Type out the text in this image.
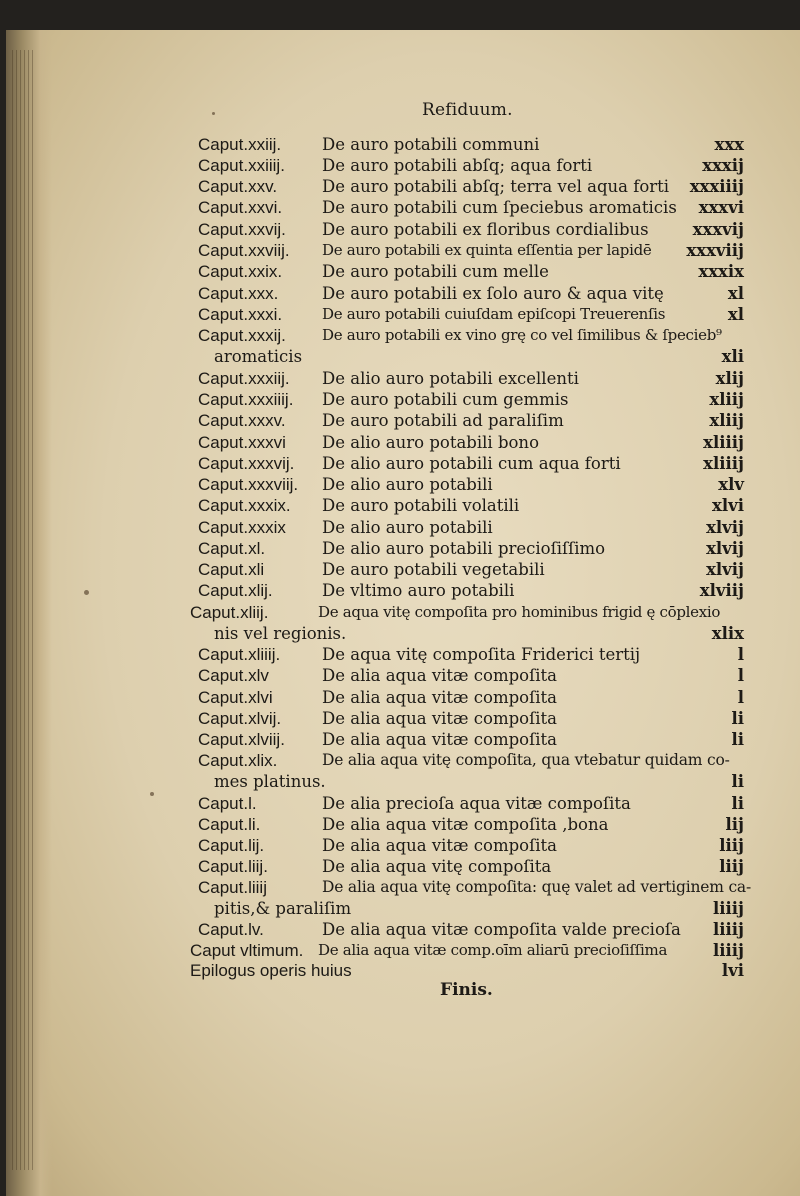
Refiduum.
Caput.xxiij. De auro potabili communi	xxx
Caput.xxiiij. De auro potabili abſq; aqua forti	xxxij
Caput.xxv.	De auro potabili abſq; terra vel aqua forti xxxiiij
Caput.xxvi. De auro potabili cum ſpeciebus aromaticis xxxvi
Caput.xxvij. De auro potabili ex floribus cordialibus	xxxvij
Caput.xxviij. De auro potabili ex quinta eſſentia per lapidē xxxviij
Caput.xxix. De auro potabili cum melle	xxxix
Caput.xxx.	De auro potabili ex ſolo auro & aqua vitę	xl
Caput.xxxi.	De auro potabili cuiuſdam epiſcopi Treuerenſis	xl
Caput.xxxij. De auro potabili ex vino grę co vel ſimilibus & ſpecieb⁹
aromaticis	xli
Caput.xxxiij. De alio auro potabili excellenti	xlij
Caput.xxxiiij. De auro potabili cum gemmis	xliij
Caput.xxxv. De auro potabili ad paraliſim	xliij
Caput.xxxvi De alio auro potabili bono	xliiij
Caput.xxxvij. De alio auro potabili cum aqua forti	xliiij
Caput.xxxviij. De alio auro potabili	xlv
Caput.xxxix. De auro potabili volatili	xlvi
Caput.xxxix De alio auro potabili	xlvij
Caput.xl.	De alio auro potabili precioſiſſimo	xlvij
Caput.xli	De auro potabili vegetabili	xlvij
Caput.xlij.	De vltimo auro potabili	xlviij
Caput.xliij.	De aqua vitę compoſita pro hominibus frigid ę cōplexio
nis vel regionis.	xlix
Caput.xliiij.	De aqua vitę compoſita Friderici tertij	l
Caput.xlv	De alia aqua vitæ compoſita	l
Caput.xlvi	De alia aqua vitæ compoſita	l
Caput.xlvij. De alia aqua vitæ compoſita	li
Caput.xlviij. De alia aqua vitæ compoſita	li
Caput.xlix.	De alia aqua vitę compoſita, qua vtebatur quidam co-
mes platinus.	li
Caput.l.	De alia precioſa aqua vitæ compoſita	li
Caput.li.	De alia aqua vitæ compoſita ,bona	lij
Caput.lij.	De alia aqua vitæ compoſita	liij
Caput.liij.	De alia aqua vitę compoſita	liij
Caput.liiij	De alia aqua vitę compoſita: quę valet ad vertiginem ca-
pitis,& paraliſim	liiij
Caput.lv.	De alia aqua vitæ compoſita valde precioſa liiij
Caput vltimum. De alia aqua vitæ comp.oīm aliarū precioſiſſima	liiij
Epilogus operis huius	lvi
Finis.
